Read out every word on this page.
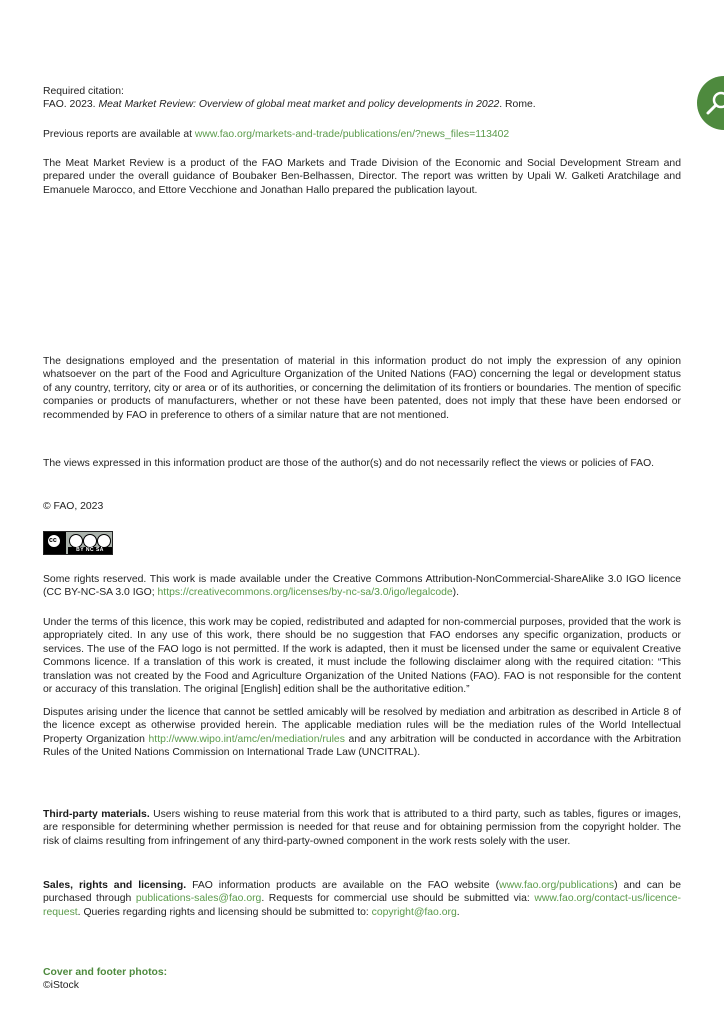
Required citation:

FAO. 2023. Meat Market Review: Overview of global meat market and policy developments in 2022. Rome.

Previous reports are available at www.fao.org/markets-and-trade/publications/en/?news_files=113402

The Meat Market Review is a product of the FAO Markets and Trade Division of the Economic and Social Development Stream and prepared under the overall guidance of Boubaker Ben-Belhassen, Director. The report was written by Upali W. Galketi Aratchilage and Emanuele Marocco, and Ettore Vecchione and Jonathan Hallo prepared the publication layout.

The designations employed and the presentation of material in this information product do not imply the expression of any opinion whatsoever on the part of the Food and Agriculture Organization of the United Nations (FAO) concerning the legal or development status of any country, territory, city or area or of its authorities, or concerning the delimitation of its frontiers or boundaries. The mention of specific companies or products of manufacturers, whether or not these have been patented, does not imply that these have been endorsed or recommended by FAO in preference to others of a similar nature that are not mentioned.

The views expressed in this information product are those of the author(s) and do not necessarily reflect the views or policies of FAO.

© FAO, 2023

cc
BY NC SA

Some rights reserved. This work is made available under the Creative Commons Attribution-NonCommercial-ShareAlike 3.0 IGO licence (CC BY-NC-SA 3.0 IGO; https://creativecommons.org/licenses/by-nc-sa/3.0/igo/legalcode).

Under the terms of this licence, this work may be copied, redistributed and adapted for non-commercial purposes, provided that the work is appropriately cited. In any use of this work, there should be no suggestion that FAO endorses any specific organization, products or services. The use of the FAO logo is not permitted. If the work is adapted, then it must be licensed under the same or equivalent Creative Commons licence. If a translation of this work is created, it must include the following disclaimer along with the required citation: “This translation was not created by the Food and Agriculture Organization of the United Nations (FAO). FAO is not responsible for the content or accuracy of this translation. The original [English] edition shall be the authoritative edition.”

Disputes arising under the licence that cannot be settled amicably will be resolved by mediation and arbitration as described in Article 8 of the licence except as otherwise provided herein. The applicable mediation rules will be the mediation rules of the World Intellectual Property Organization http://www.wipo.int/amc/en/mediation/rules and any arbitration will be conducted in accordance with the Arbitration Rules of the United Nations Commission on International Trade Law (UNCITRAL).

Third-party materials. Users wishing to reuse material from this work that is attributed to a third party, such as tables, figures or images, are responsible for determining whether permission is needed for that reuse and for obtaining permission from the copyright holder. The risk of claims resulting from infringement of any third-party-owned component in the work rests solely with the user.

Sales, rights and licensing. FAO information products are available on the FAO website (www.fao.org/publications) and can be purchased through publications-sales@fao.org. Requests for commercial use should be submitted via: www.fao.org/contact-us/licence-request. Queries regarding rights and licensing should be submitted to: copyright@fao.org.

Cover and footer photos:

©iStock
